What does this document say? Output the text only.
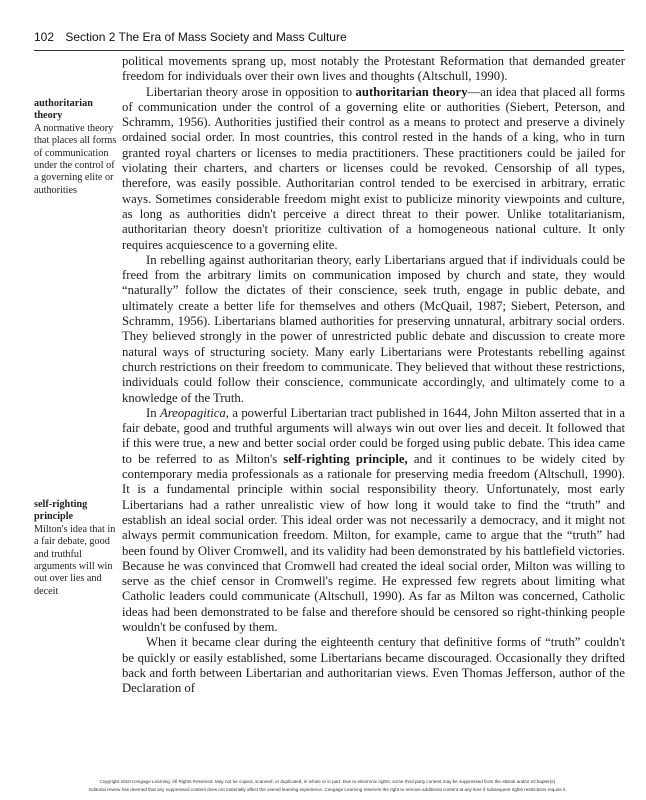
102 Section 2 The Era of Mass Society and Mass Culture
authoritarian theory
A normative theory that places all forms of communication under the control of a governing elite or authorities
self-righting principle
Milton's idea that in a fair debate, good and truthful arguments will win out over lies and deceit

political movements sprang up, most notably the Protestant Reformation that demanded greater freedom for individuals over their own lives and thoughts (Altschull, 1990).

Libertarian theory arose in opposition to authoritarian theory—an idea that placed all forms of communication under the control of a governing elite or authorities (Siebert, Peterson, and Schramm, 1956). Authorities justified their control as a means to protect and preserve a divinely ordained social order. In most countries, this control rested in the hands of a king, who in turn granted royal charters or licenses to media practitioners. These practitioners could be jailed for violating their charters, and charters or licenses could be revoked. Censorship of all types, therefore, was easily possible. Authoritarian control tended to be exercised in arbitrary, erratic ways. Sometimes considerable freedom might exist to publicize minority viewpoints and culture, as long as authorities didn't perceive a direct threat to their power. Unlike totalitarianism, authoritarian theory doesn't prioritize cultivation of a homogeneous national culture. It only requires acquiescence to a governing elite.

In rebelling against authoritarian theory, early Libertarians argued that if individuals could be freed from the arbitrary limits on communication imposed by church and state, they would “naturally” follow the dictates of their conscience, seek truth, engage in public debate, and ultimately create a better life for themselves and others (McQuail, 1987; Siebert, Peterson, and Schramm, 1956). Libertarians blamed authorities for preserving unnatural, arbitrary social orders. They believed strongly in the power of unrestricted public debate and discussion to create more natural ways of structuring society. Many early Libertarians were Protestants rebelling against church restrictions on their freedom to communicate. They believed that without these restrictions, individuals could follow their conscience, communicate accordingly, and ultimately come to a knowledge of the Truth.

In Areopagitica, a powerful Libertarian tract published in 1644, John Milton asserted that in a fair debate, good and truthful arguments will always win out over lies and deceit. It followed that if this were true, a new and better social order could be forged using public debate. This idea came to be referred to as Milton's self-righting principle, and it continues to be widely cited by contemporary media professionals as a rationale for preserving media freedom (Altschull, 1990). It is a fundamental principle within social responsibility theory. Unfortunately, most early Libertarians had a rather unrealistic view of how long it would take to find the “truth” and establish an ideal social order. This ideal order was not necessarily a democracy, and it might not always permit communication freedom. Milton, for example, came to argue that the “truth” had been found by Oliver Cromwell, and its validity had been demonstrated by his battlefield victories. Because he was convinced that Cromwell had created the ideal social order, Milton was willing to serve as the chief censor in Cromwell's regime. He expressed few regrets about limiting what Catholic leaders could communicate (Altschull, 1990). As far as Milton was concerned, Catholic ideas had been demonstrated to be false and therefore should be censored so right-thinking people wouldn't be confused by them.

When it became clear during the eighteenth century that definitive forms of “truth” couldn't be quickly or easily established, some Libertarians became discouraged. Occasionally they drifted back and forth between Libertarian and authoritarian views. Even Thomas Jefferson, author of the Declaration of

Copyright 2010 Cengage Learning. All Rights Reserved. May not be copied, scanned, or duplicated, in whole or in part. Due to electronic rights, some third party content may be suppressed from the eBook and/or eChapter(s).
Editorial review has deemed that any suppressed content does not materially affect the overall learning experience. Cengage Learning reserves the right to remove additional content at any time if subsequent rights restrictions require it.
